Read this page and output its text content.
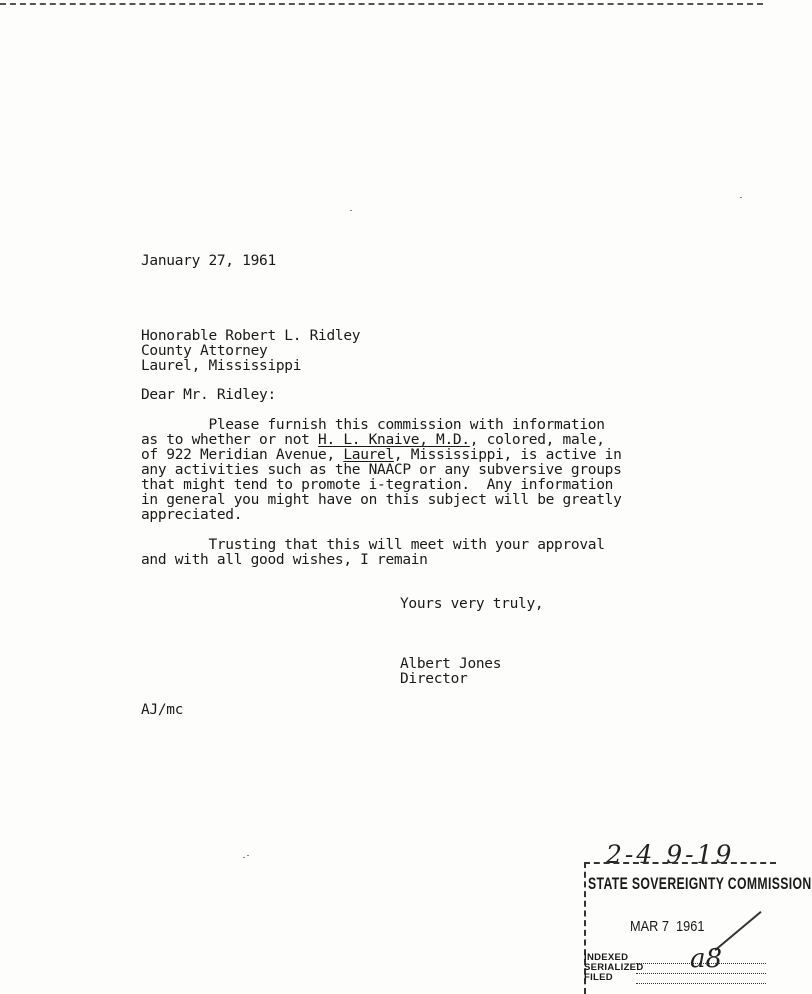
January 27, 1961
Honorable Robert L. Ridley
County Attorney
Laurel, Mississippi
Dear Mr. Ridley:
Please furnish this commission with information
as to whether or not H. L. Knaive, M.D., colored, male,
of 922 Meridian Avenue, Laurel, Mississippi, is active in
any activities such as the NAACP or any subversive groups
that might tend to promote i-tegration.  Any information
in general you might have on this subject will be greatly
appreciated.
Trusting that this will meet with your approval
and with all good wishes, I remain
Yours very truly,
Albert Jones
Director
AJ/mc
2-4 9-19
STATE SOVEREIGNTY COMMISSION
MAR 7  1961
INDEXED
SERIALIZED
FILED
a8
